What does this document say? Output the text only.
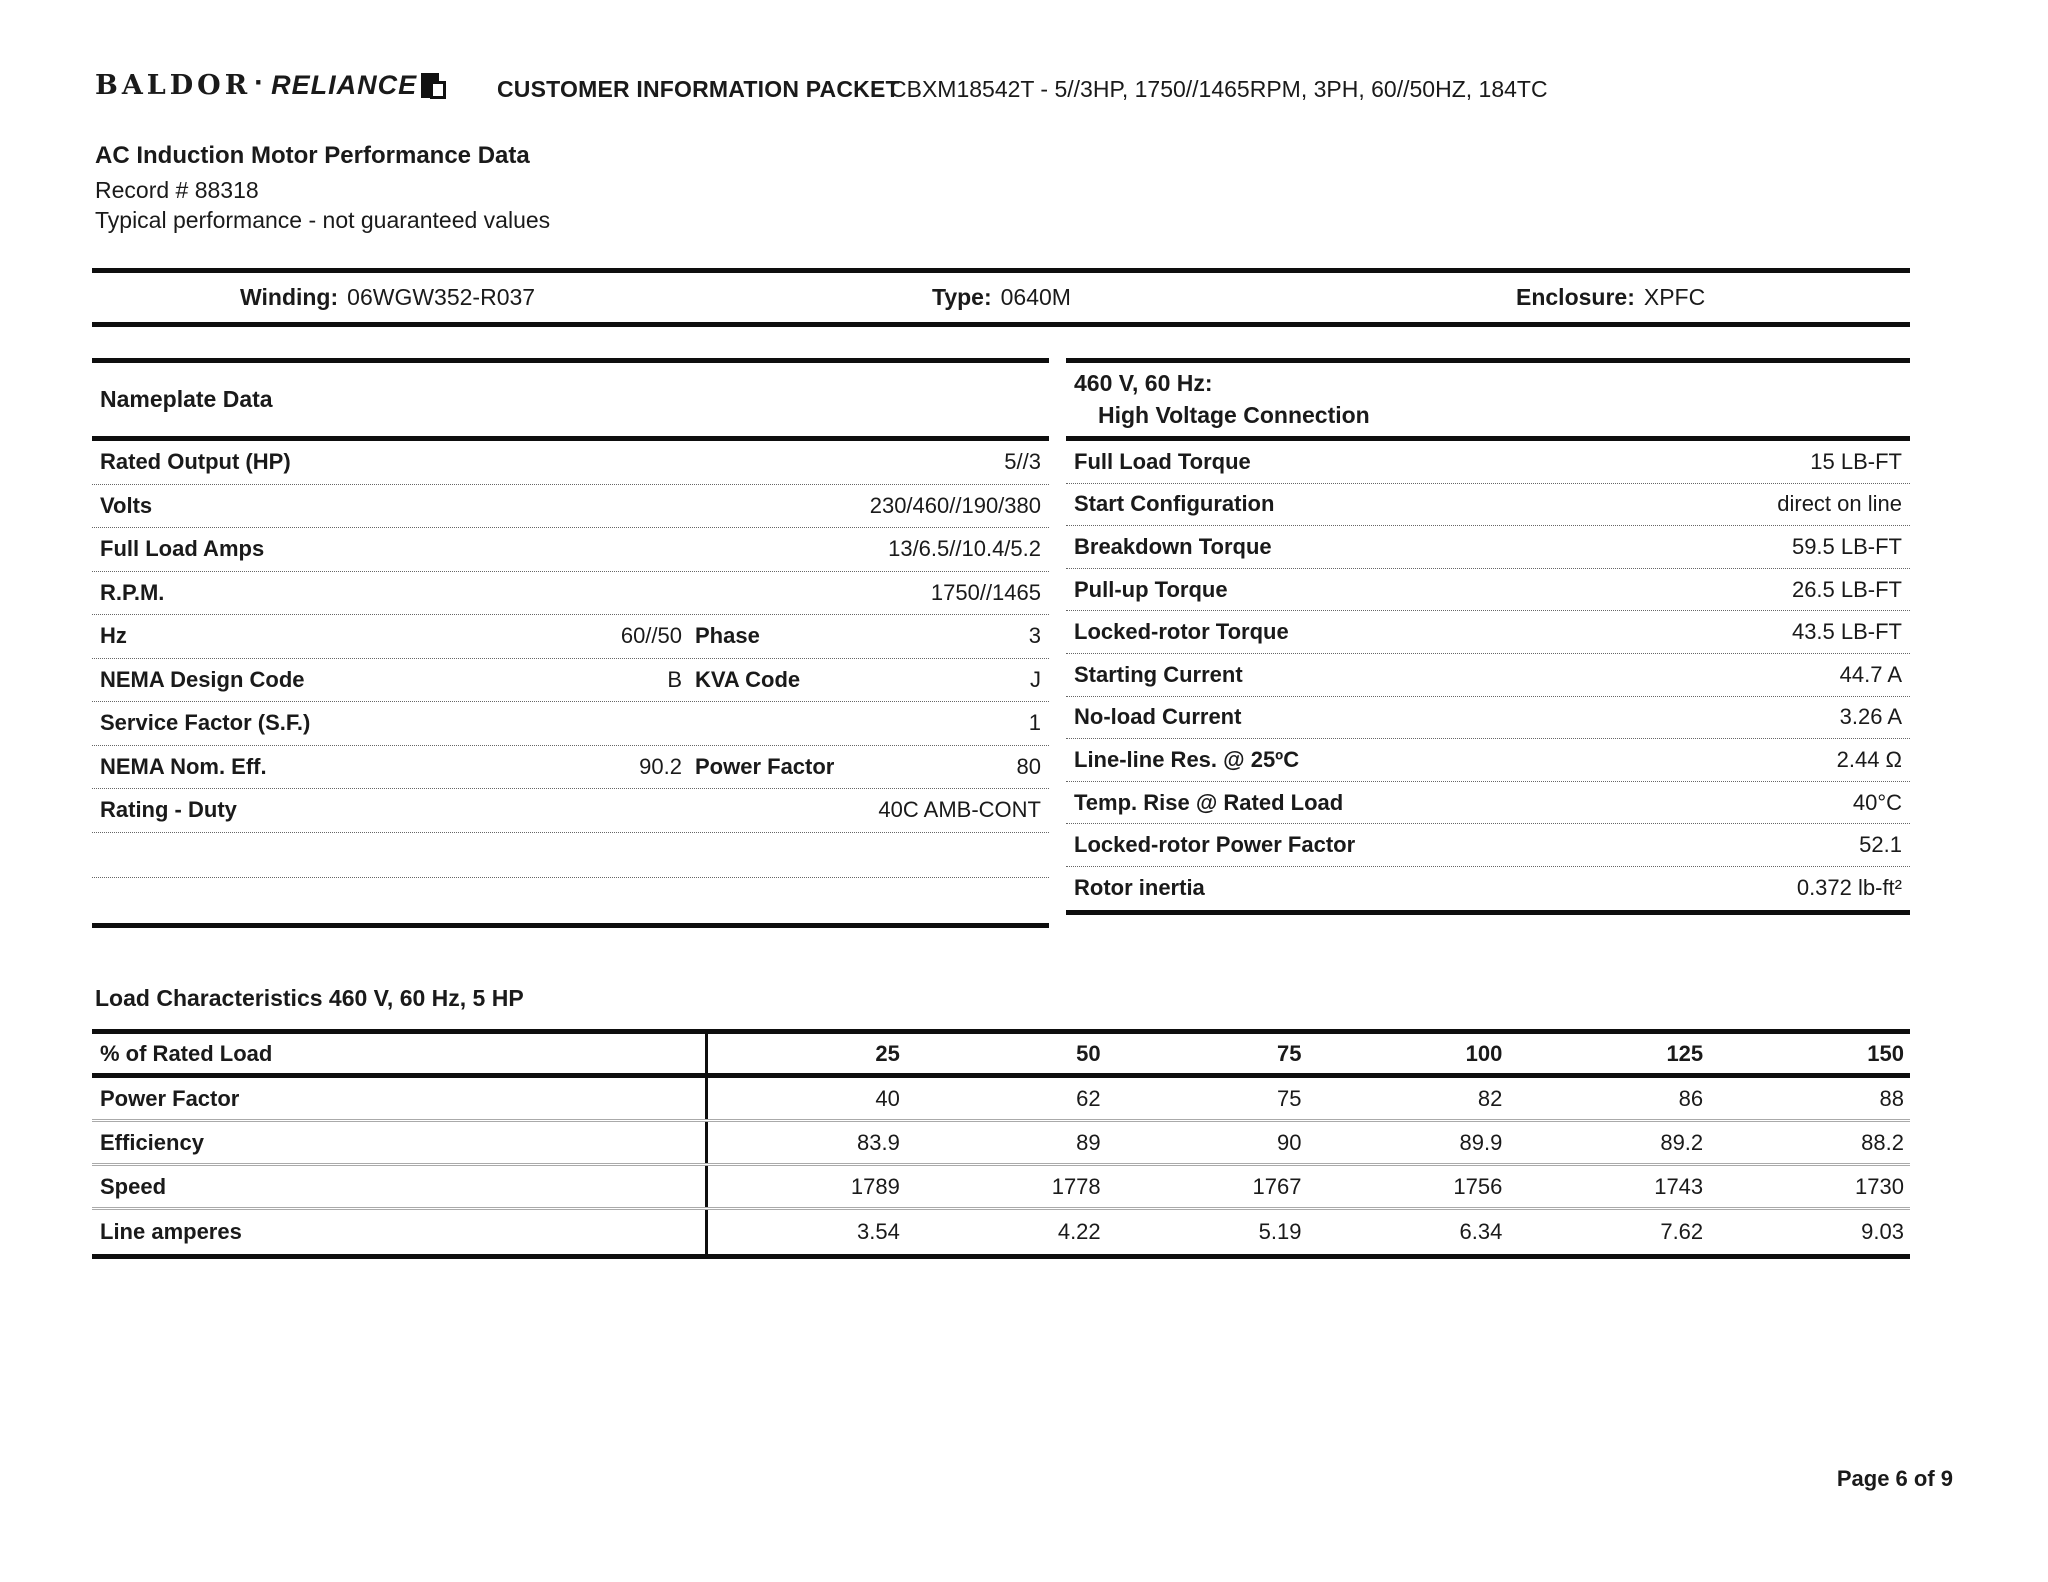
BALDOR · RELIANCE	CUSTOMER INFORMATION PACKET
CBXM18542T - 5//3HP, 1750//1465RPM, 3PH, 60//50HZ, 184TC
AC Induction Motor Performance Data
Record # 88318
Typical performance - not guaranteed values
Winding: 06WGW352-R037	Type: 0640M	Enclosure: XPFC
Nameplate Data
Rated Output (HP)	5//3
Volts	230/460//190/380
Full Load Amps	13/6.5//10.4/5.2
R.P.M.	1750//1465
Hz	60//50 Phase	3
NEMA Design Code	B KVA Code	J
Service Factor (S.F.)	1
NEMA Nom. Eff.	90.2 Power Factor	80
Rating - Duty	40C AMB-CONT
460 V, 60 Hz:
High Voltage Connection
Full Load Torque	15 LB-FT
Start Configuration	direct on line
Breakdown Torque	59.5 LB-FT
Pull-up Torque	26.5 LB-FT
Locked-rotor Torque	43.5 LB-FT
Starting Current	44.7 A
No-load Current	3.26 A
Line-line Res. @ 25ºC	2.44 Ω
Temp. Rise @ Rated Load	40°C
Locked-rotor Power Factor	52.1
Rotor inertia	0.372 lb-ft²
Load Characteristics 460 V, 60 Hz, 5 HP
% of Rated Load	25	50	75	100	125	150
Power Factor	40	62	75	82	86	88
Efficiency	83.9	89	90	89.9	89.2	88.2
Speed	1789	1778	1767	1756	1743	1730
Line amperes	3.54	4.22	5.19	6.34	7.62	9.03
Page 6 of 9
